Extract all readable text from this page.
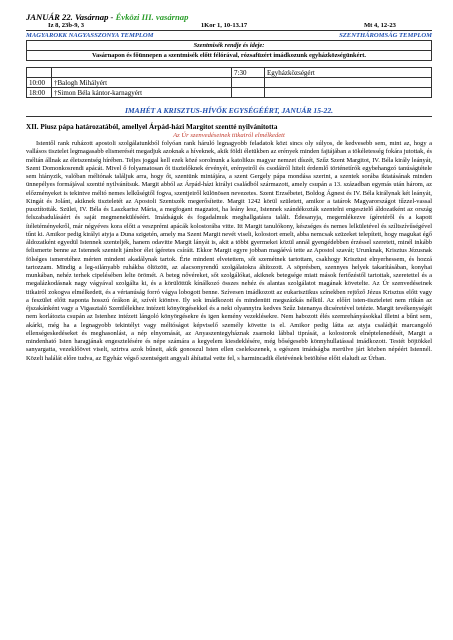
JANUÁR 22. Vasárnap - Évközi III. vasárnap
Iz 8, 23b-9, 3	1Kor 1, 10-13.17	Mt 4, 12-23
MAGYAROKK NAGYASSZONYA TEMPLOM	SZENTHÁROMSÁG TEMPLOM
Szentmisék rendje és ideje:
Vasárnapon és főünnepen a szentmisék előtt félórával, rózsafüzért imádkozunk egyházközségünkért.
		7:30	Egyházközségért
10:00	†Balogh Mihályért		
18:00	†Simon Béla kántor-karnagyért		
IMAHÉT A KRISZTUS-HÍVŐK EGYSÉGÉÉRT, JANUÁR 15-22.
XII. Piusz pápa határozatából, amellyel Árpád-házi Margitot szentté nyilvánította
Az Úr szenvedéseinek titkairól elmélkedett

Istentől rank ruházott apostoli szolgálatunkból folyóan rank háruló legnagyobb feladatok közt sincs oly súlyos, de kedvesebb sem, mint az, hogy a vallásos tisztelet legmagasabb elismerését megadjuk azoknak a híveknek, akik földi életükben az erények minden fajtájában a tökéletesség fokára jutottak, és méltán állnak az életszentség hírében. Teljes joggal kell ezek közé sorolnunk a katolikus magyar nemzet díszét, Szűz Szent Margitot, IV. Béla király leányát, Szent Domonkosrendi apácát. Mivel ő folyamatosan őt tisztelőknek érvényét, erényeiről és csodáiról hitelt érdemlő történetírók egybehangzó tanúságtétele sem hiányzik, valóban méltónak találjuk arra, hogy őt, szentünk mintájára, a szent Gergely pápa mondása szerint, a szentek sorába iktatásának minden ünnepélyes formájával szentté nyilvánítsuk. Margit abból az Árpád-házi királyi családból származott, amely csupán a 13. században egymás után három, az előzményeket is tekintve méltó nemes lelkűségtől fogva, szentjeiről különösen nevezetes. Szent Erzsébetet, Boldog Ágnest és IV. Béla királynak két leányát, Kingát és Jolánt, akiknek tiszteletét az Apostoli Szentszék megerősítette. Margit 1242 körül született, amikor a tatárok Magyarországot tűzzel-vassal pusztították. Szülei, IV. Béla és Laszkarisz Mária, a megfogant magzatot, ha leány lesz, Istennek szándékozták szentelni engesztelő áldozatként az ország felszabadulásáért és saját megmeneküléséért. Imádságuk és fogadalmuk meghallgatásra talált. Édesanyja, megemlékezve ígéretéről és a kapott ítéletéményekről, már négyéves kora előtt a veszprémi apácák kolostorába vitte. Itt Margit tanulókony, készséges és nemes lelkületével és szíltszívűségével tűnt ki. Amikor pedig királyi atyja a Duna szigetén, amely ma Szent Margit nevét viseli, kolostort emelt, abba nemcsak szüzeket telepített, hogy magukat égő áldozatként egyedül Istennek szenteljék, hanem odavitte Margit lányát is, akit a többi gyermekei közül annál gyengédebben érzéssel szeretett, minél inkább felismerte benne az Istennek szentelt jámbor élet ígéretes csíráit. Ekkor Margit egyre jobban magáévá tette az Apostol szavát; Urunknak, Krisztus Jézusnak fölséges ismeretéhez mérten mindent akadálynak tartok. Érte mindent elvetettem, sőt szemétnek tartottam, csakhogy Krisztust elnyerhessem, és hozzá tartozzam. Mindig a leg-silányabb ruhákba öltözött, az alacsonyrendű szolgálatokra áhítozott. A söprésben, szennyes helyek takarításában, konyhai munkában, nehéz terhek cipelésében lelte örömét. A beteg nővéreket, sőt szolgálókat, akiknek betegsége miatt mások fertőzéstől tartottak, szeretettel és a megalázkodásnak nagy vágyával szolgálta ki, és a körülöttük kínálkozó összes nehéz és alantas szolgálatot magának követelte. Az Úr szenvedéseinek titkairól zokogva elmélkedett, és a vértanúság forró vágya lobogott benne. Szívesen imádkozott az eukarisztikus színekben rejtőző Jézus Krisztus előtt vagy a feszület előtt naponta hosszú órákon át, szívét kiöntve. Ily sok imádkozott és mindenütt megszázkás nélkül. Az előírt isten-tiszteletet nem ritkán az éjszakánként vagy a Vigasztaló Szentlélekhez intézett könyörgésekkel és a neki olyannyira kedves Szűz Istenanya dicséretével tetézte. Margit tevékenységét nem korlátozta csupán az Istenhez intézett lángoló könyörgésekre és igen kemény vezeklésekre. Nem habozott élés szemrehányásokkal illetni a bűnt sem, akárki, még ha a legnagyobb tekintélyt vagy méltóságot képviselő személy követte is el. Amikor pedig látta az atyja családját marcangoló ellenségeskedéseket és meghasonlást, a nép elnyomását, az Anyaszentegyháznak zsarnoki lábbal tiprását, a kolostorok elnéptelenedését, Margit a mindenható Isten haragjának engesztelésére és népe számára a kegyelem kiesdeklésére, még bőségesebb könnyhullatással imádkozott. Testét böjtökkel sanyargatta, vezeklőövet viselt, szirtva azok bűneit, akik gonoszul Isten ellen cselekszenek, s egészen imádságba merülve járt közben népéért Istennél. Közeli halálát előre tudva, az Egyház végső szentségeit angyali áhítattal vette fel, s harmincadik életévének betöltése előtt elaludt az Úrban.
